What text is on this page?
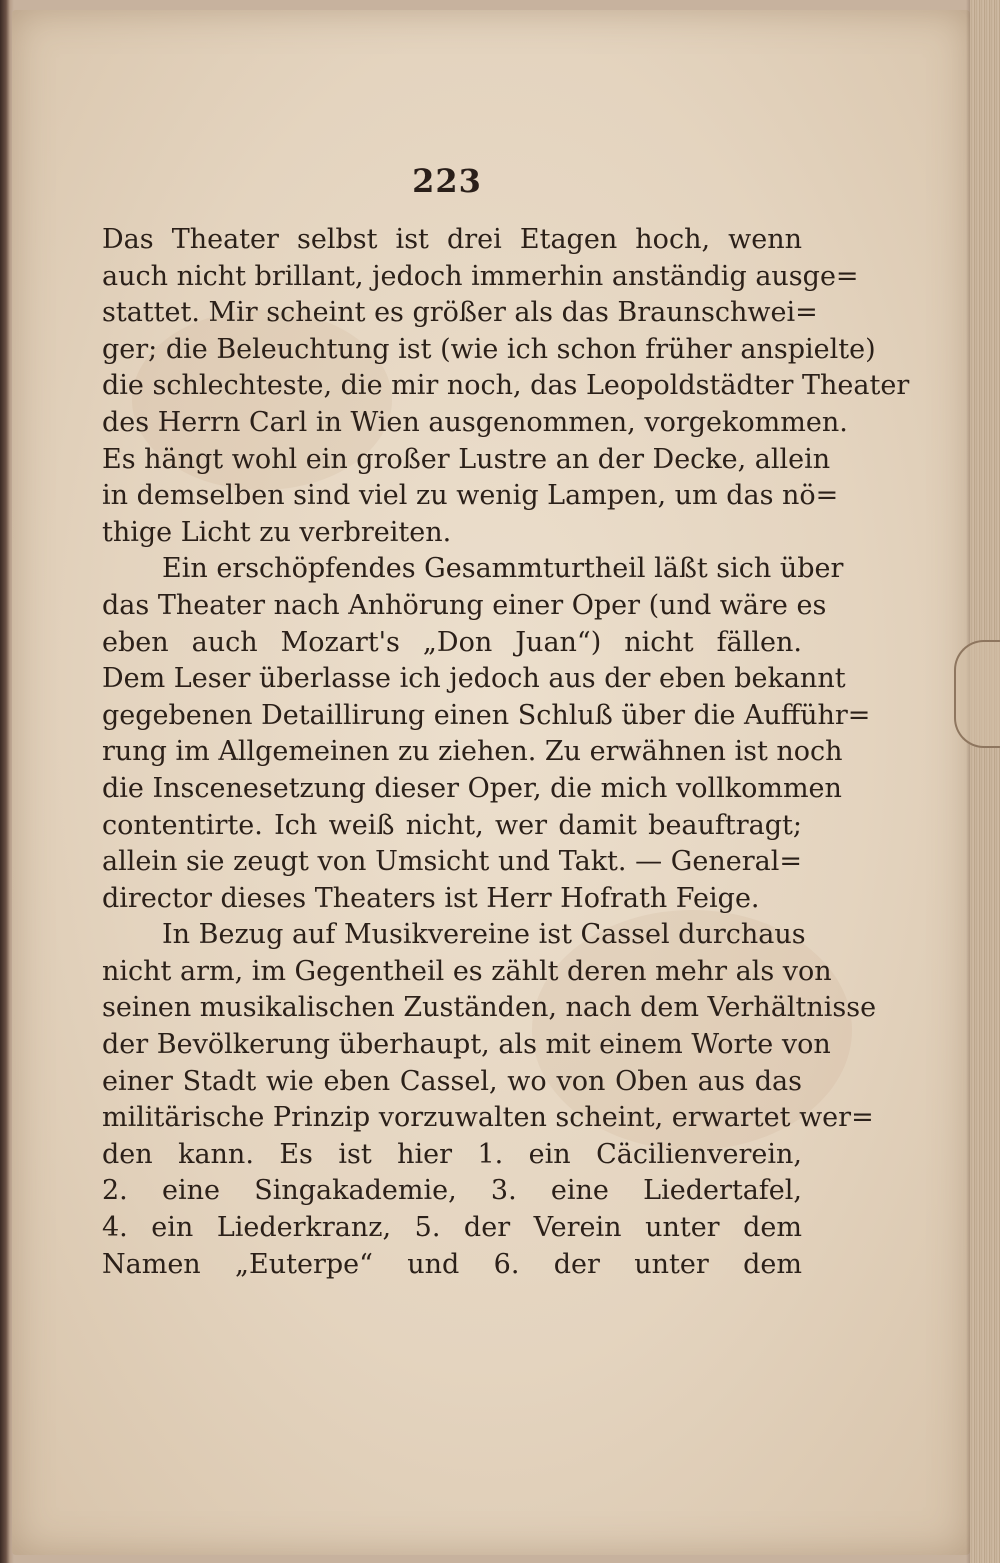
223
Das Theater selbst ist drei Etagen hoch, wenn
auch nicht brillant, jedoch immerhin anständig ausge=
stattet. Mir scheint es größer als das Braunschwei=
ger; die Beleuchtung ist (wie ich schon früher anspielte)
die schlechteste, die mir noch, das Leopoldstädter Theater
des Herrn Carl in Wien ausgenommen, vorgekommen.
Es hängt wohl ein großer Lustre an der Decke, allein
in demselben sind viel zu wenig Lampen, um das nö=
thige Licht zu verbreiten.
Ein erschöpfendes Gesammturtheil läßt sich über
das Theater nach Anhörung einer Oper (und wäre es
eben auch Mozart's „Don Juan“) nicht fällen.
Dem Leser überlasse ich jedoch aus der eben bekannt
gegebenen Detaillirung einen Schluß über die Aufführ=
rung im Allgemeinen zu ziehen. Zu erwähnen ist noch
die Inscenesetzung dieser Oper, die mich vollkommen
contentirte. Ich weiß nicht, wer damit beauftragt;
allein sie zeugt von Umsicht und Takt. — General=
director dieses Theaters ist Herr Hofrath Feige.
In Bezug auf Musikvereine ist Cassel durchaus
nicht arm, im Gegentheil es zählt deren mehr als von
seinen musikalischen Zuständen, nach dem Verhältnisse
der Bevölkerung überhaupt, als mit einem Worte von
einer Stadt wie eben Cassel, wo von Oben aus das
militärische Prinzip vorzuwalten scheint, erwartet wer=
den kann. Es ist hier 1. ein Cäcilienverein,
2. eine Singakademie, 3. eine Liedertafel,
4. ein Liederkranz, 5. der Verein unter dem
Namen „Euterpe“ und 6. der unter dem
